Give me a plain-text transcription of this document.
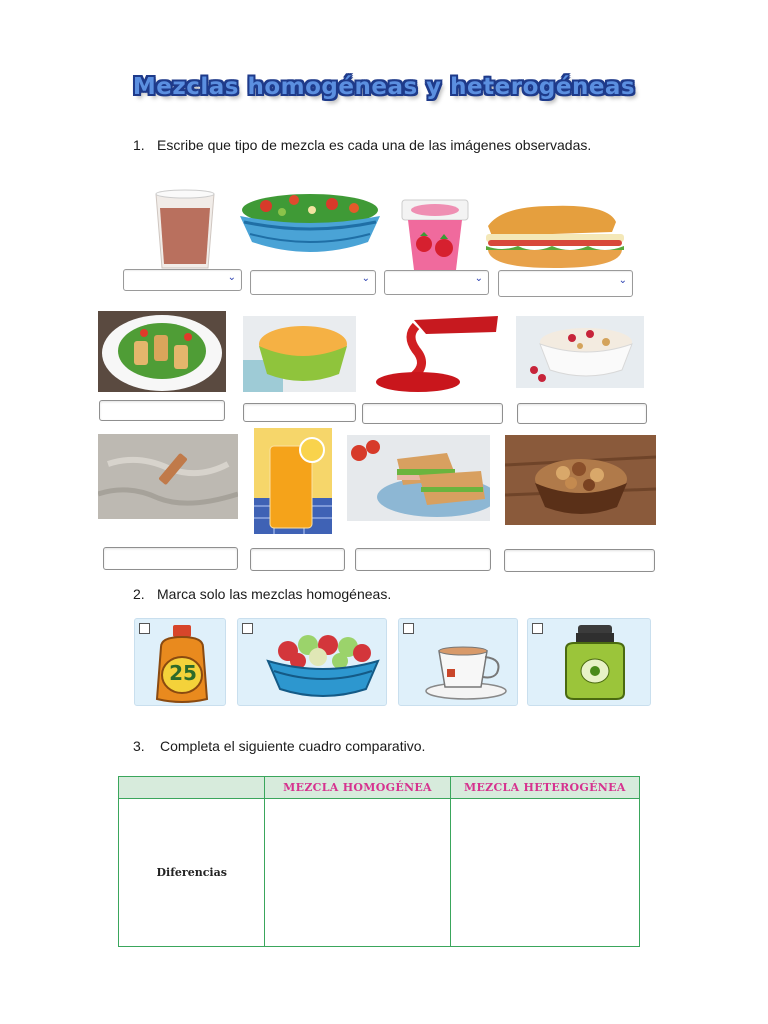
Mezclas homogéneas y heterogéneas
1. Escribe que tipo de mezcla es cada una de las imágenes observadas.
⌄	⌄	⌄	⌄
2. Marca solo las mezclas homogéneas.
25
3. Completa el siguiente cuadro comparativo.
	MEZCLA HOMOGÉNEA	MEZCLA HETEROGÉNEA
Diferencias		
